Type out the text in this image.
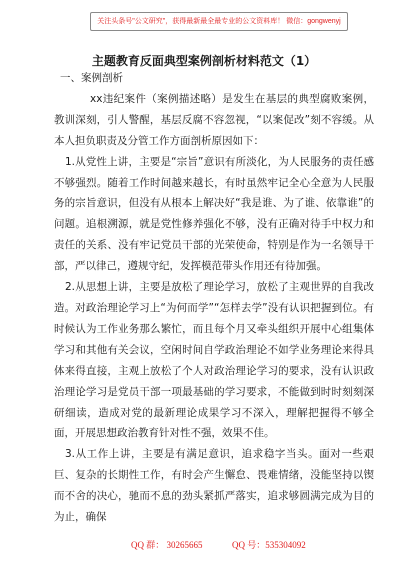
关注头条号"公文研究"，获得最新最全最专业的公文资料库！ 微信：gongwenyj
主题教育反面典型案例剖析材料范文（1）

一、案例剖析

xx违纪案件（案例描述略）是发生在基层的典型腐败案例，教训深刻，引人警醒，基层反腐不容忽视，“以案促改”刻不容缓。从本人担负职责及分管工作方面剖析原因如下：

1.从党性上讲，主要是“宗旨”意识有所淡化，为人民服务的责任感不够强烈。随着工作时间越来越长，有时虽然牢记全心全意为人民服务的宗旨意识，但没有从根本上解决好“我是谁、为了谁、依靠谁”的问题。追根溯源，就是党性修养强化不够，没有正确对待手中权力和责任的关系、没有牢记党员干部的光荣使命，特别是作为一名领导干部，严以律己，遵规守纪，发挥模范带头作用还有待加强。

2.从思想上讲，主要是放松了理论学习，放松了主观世界的自我改造。对政治理论学习上“为何而学”“怎样去学”没有认识把握到位。有时候认为工作业务那么繁忙，而且每个月又牵头组织开展中心组集体学习和其他有关会议，空闲时间自学政治理论不如学业务理论来得具体来得直接，主观上放松了个人对政治理论学习的要求，没有认识政治理论学习是党员干部一项最基础的学习要求，不能做到时时刻刻深研细读，造成对党的最新理论成果学习不深入，理解把握得不够全面，开展思想政治教育针对性不强，效果不佳。

3.从工作上讲，主要是有满足意识，追求稳字当头。面对一些艰巨、复杂的长期性工作，有时会产生懈怠、畏难情绪，没能坚持以锲而不舍的决心，驰而不息的劲头紧抓严落实，追求够圆满完成为目的为止，确保

QQ 群： 30265665	QQ 号：535304092
